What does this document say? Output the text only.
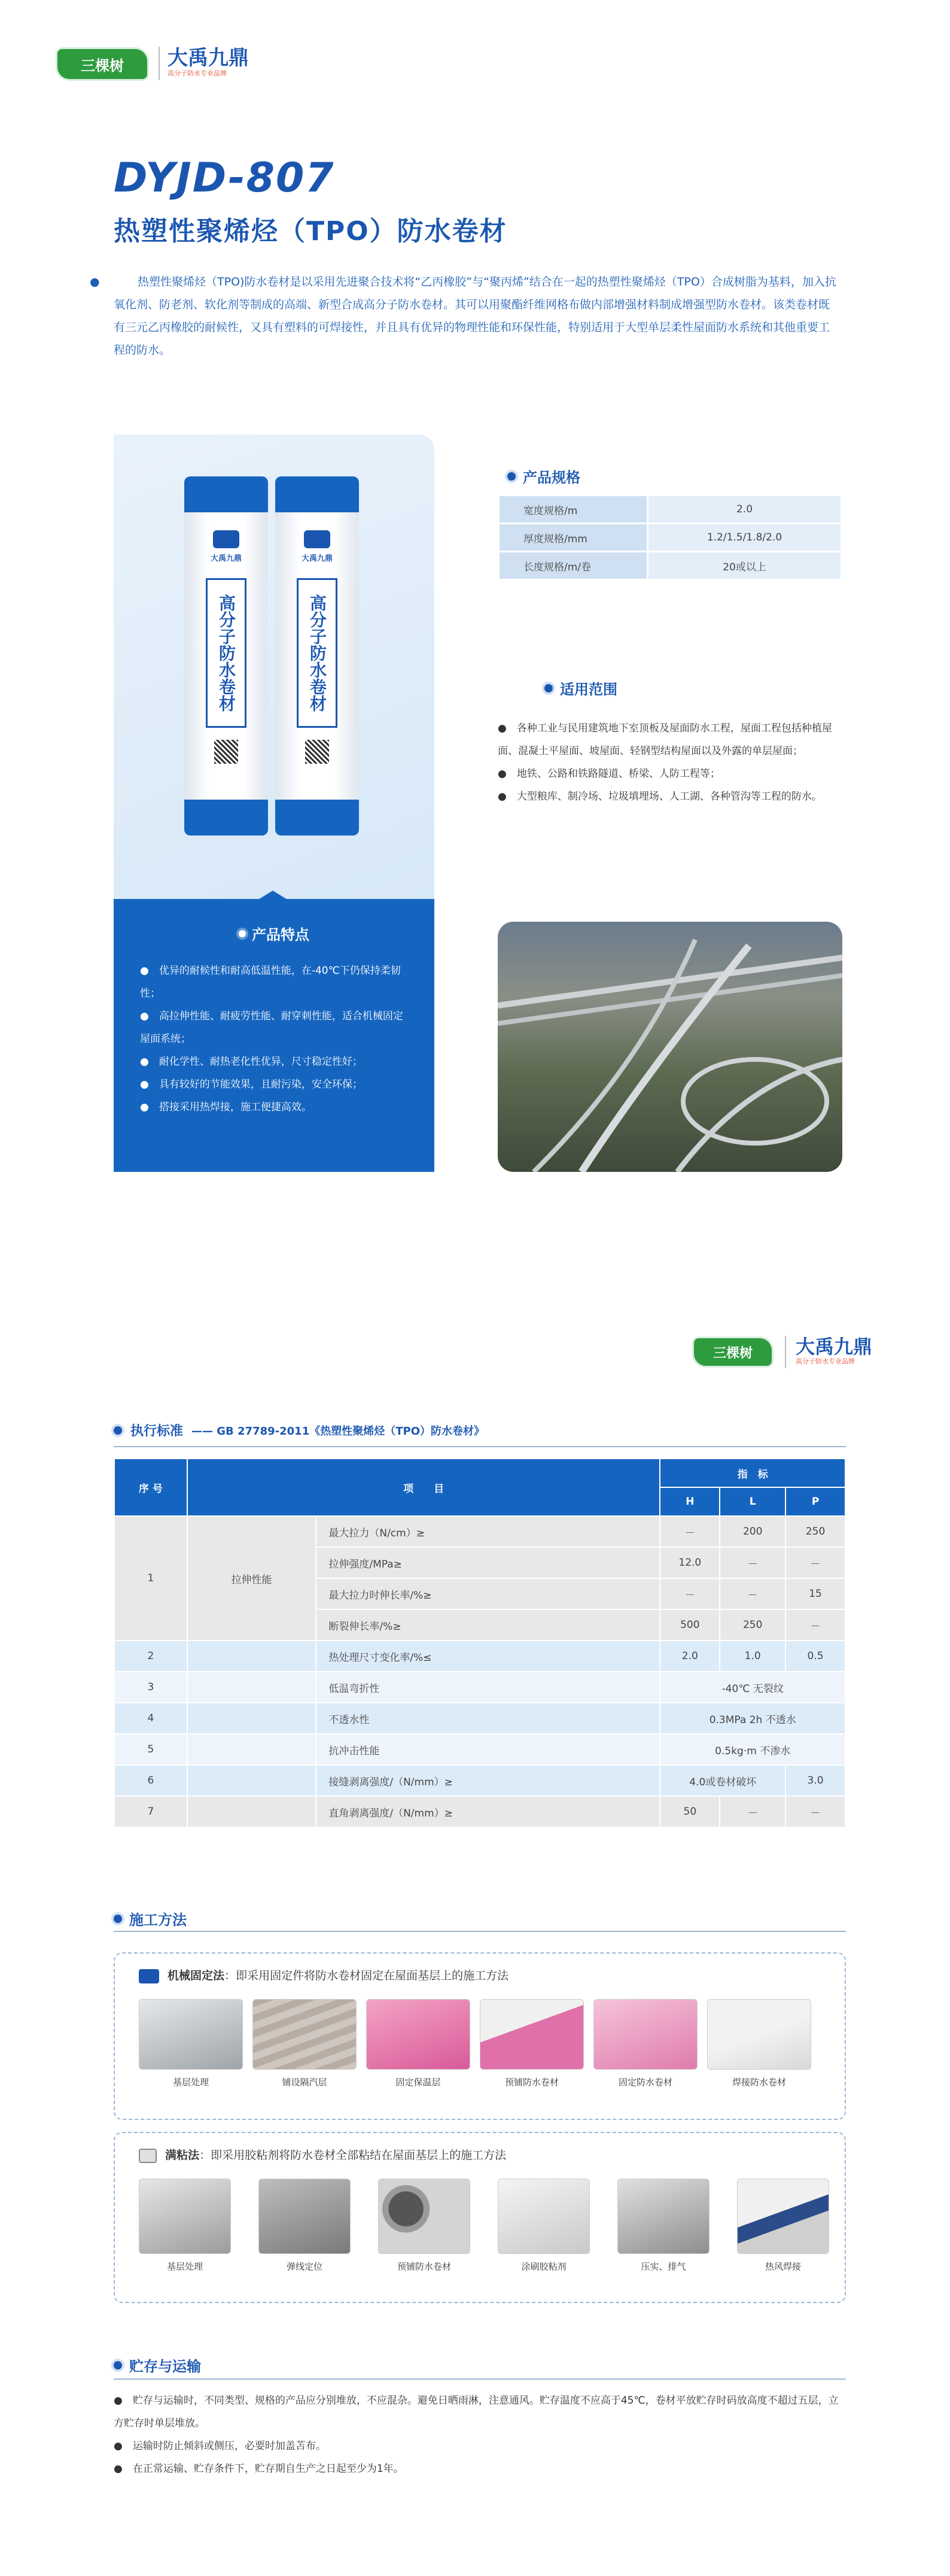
三棵树	大禹九鼎
高分子防水专业品牌
DYJD-807
热塑性聚烯烃（TPO）防水卷材
●	热塑性聚烯烃（TPO)防水卷材是以采用先进聚合技术将“乙丙橡胶”与“聚丙烯”结合在一起的热塑性聚烯烃（TPO）合成树脂为基料，加入抗氧化剂、防老剂、软化剂等制成的高端、新型合成高分子防水卷材。其可以用聚酯纤维网格布做内部增强材料制成增强型防水卷材。该类卷材既有三元乙丙橡胶的耐候性，又具有塑料的可焊接性，并且具有优异的物理性能和环保性能，特别适用于大型单层柔性屋面防水系统和其他重要工程的防水。
大禹九鼎
高分子防水卷材
大禹九鼎
高分子防水卷材
产品特点
●　优异的耐候性和耐高低温性能，在-40℃下仍保持柔韧性；
●　高拉伸性能、耐疲劳性能、耐穿刺性能，适合机械固定屋面系统；
●　耐化学性、耐热老化性优异，尺寸稳定性好；
●　具有较好的节能效果，且耐污染，安全环保；
●　搭接采用热焊接，施工便捷高效。
产品规格
宽度规格/m	2.0
厚度规格/mm	1.2/1.5/1.8/2.0
长度规格/m/卷	20或以上
适用范围
●　各种工业与民用建筑地下室顶板及屋面防水工程，屋面工程包括种植屋面、混凝土平屋面、坡屋面、轻钢型结构屋面以及外露的单层屋面；
●　地铁、公路和铁路隧道、桥梁、人防工程等；
●　大型粮库、制冷场、垃圾填埋场、人工湖、各种管沟等工程的防水。
三棵树	大禹九鼎
高分子防水专业品牌
执行标准 —— GB 27789-2011《热塑性聚烯烃（TPO）防水卷材》
序 号	项　　目		指　标		
			H	L	P
1	拉伸性能	最大拉力（N/cm）≥	－	200	250
		拉伸强度/MPa≥	12.0	－	－
		最大拉力时伸长率/%≥	－	－	15
		断裂伸长率/%≥	500	250	－
2		热处理尺寸变化率/%≤	2.0	1.0	0.5
3		低温弯折性	-40℃ 无裂纹		
4		不透水性	0.3MPa 2h 不透水		
5		抗冲击性能	0.5kg·m 不渗水		
6		接缝剥离强度/（N/mm）≥	4.0或卷材破坏		3.0
7		直角剥离强度/（N/mm）≥	50	－	－
施工方法
机械固定法：即采用固定件将防水卷材固定在屋面基层上的施工方法
基层处理	铺设隔汽层	固定保温层	预铺防水卷材	固定防水卷材	焊接防水卷材
满粘法：即采用胶粘剂将防水卷材全部粘结在屋面基层上的施工方法
基层处理	弹线定位	预铺防水卷材	涂刷胶粘剂	压实、排气	热风焊接
贮存与运输
●　贮存与运输时，不同类型、规格的产品应分别堆放，不应混杂。避免日晒雨淋，注意通风。贮存温度不应高于45℃，卷材平放贮存时码放高度不超过五层，立方贮存时单层堆放。
●　运输时防止倾斜或侧压，必要时加盖苫布。
●　在正常运输、贮存条件下，贮存期自生产之日起至少为1年。
